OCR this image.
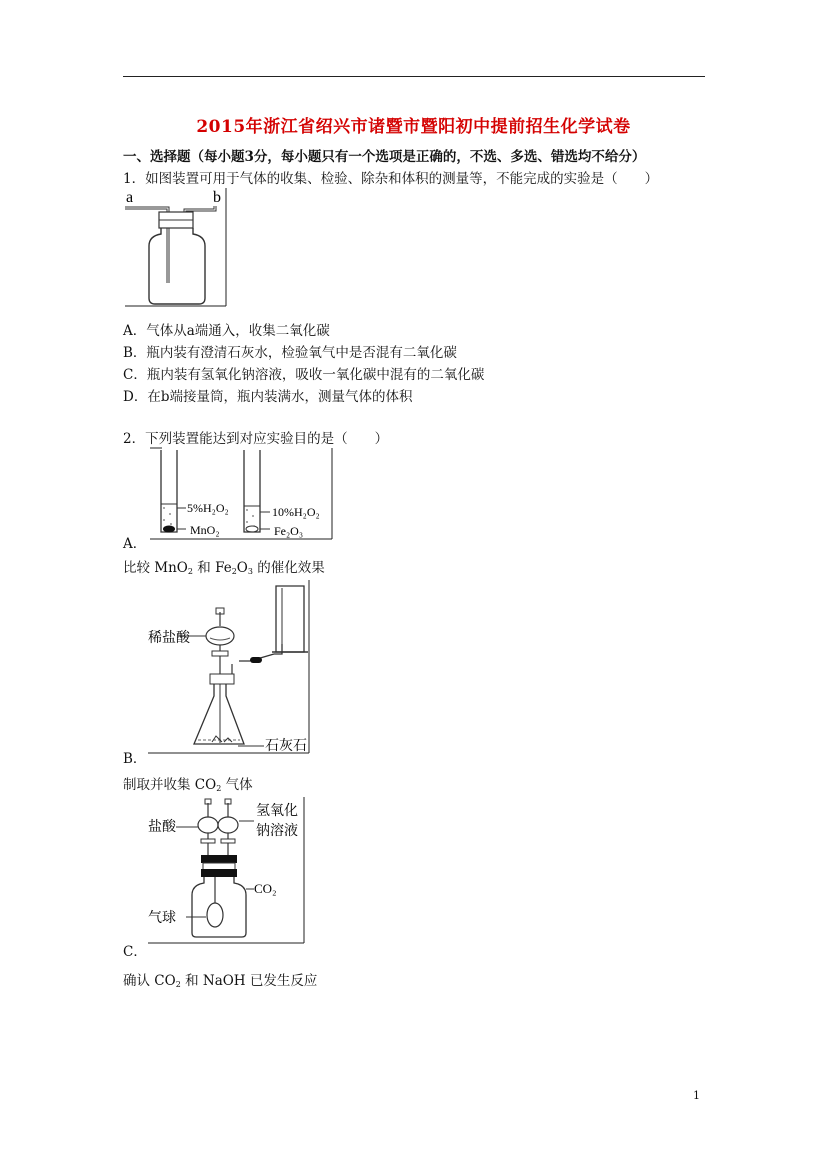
2015年浙江省绍兴市诸暨市暨阳初中提前招生化学试卷
一、选择题（每小题3分，每小题只有一个选项是正确的，不选、多选、错选均不给分）
1．如图装置可用于气体的收集、检验、除杂和体积的测量等，不能完成的实验是（　　）
a	b
A．气体从a端通入，收集二氧化碳
B．瓶内装有澄清石灰水，检验氧气中是否混有二氧化碳
C．瓶内装有氢氧化钠溶液，吸收一氧化碳中混有的二氧化碳
D．在b端接量筒，瓶内装满水，测量气体的体积
2．下列装置能达到对应实验目的是（　　）
5%H₂O₂
MnO₂
10%H₂O₂
Fe₂O₃
A．
比较 MnO$_2$ 和 $Fe_2O_3$ 的催化效果
稀盐酸
石灰石
B．
制取并收集 $CO_2$ 气体
盐酸
氢氧化
钠溶液
CO₂
气球
C．
确认 $CO_2$ 和 NaOH 已发生反应
1
